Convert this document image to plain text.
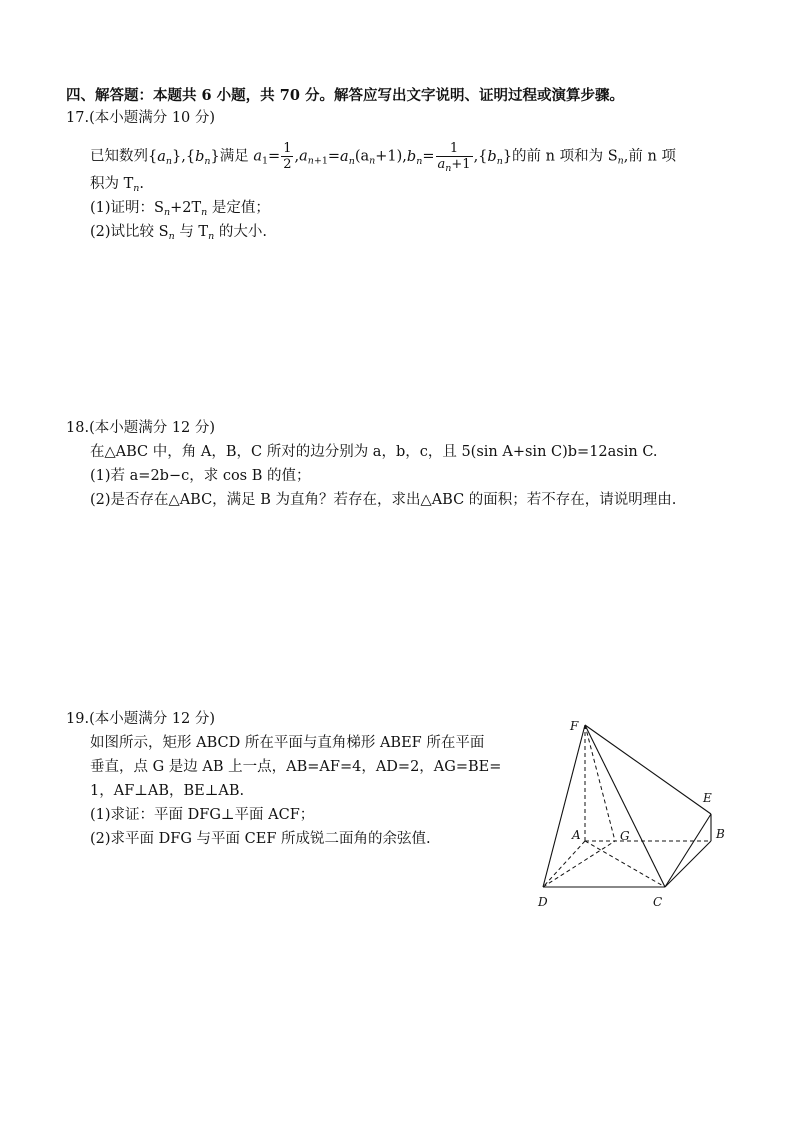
四、解答题：本题共 6 小题，共 70 分。解答应写出文字说明、证明过程或演算步骤。
17.(本小题满分 10 分)
已知数列$\{a_n\},\{b_n\}$满足 $a_1= \frac{1}{2} ,a_{n+1}=a_n(a_n+1),b_n= \frac{1}{a_n+1} ,\{b_n\}$的前 n 项和为 $S_n$,前 n 项
积为 $T_n$.
(1)证明：$S_n+2T_n$ 是定值；
(2)试比较 $S_n$ 与 $T_n$ 的大小.
18.(本小题满分 12 分)
在△ABC 中，角 A，B，C 所对的边分别为 a，b，c，且 5(sin A+sin C)b=12asin C.
(1)若 a=2b−c，求 cos B 的值；
(2)是否存在△ABC，满足 B 为直角？若存在，求出△ABC 的面积；若不存在，请说明理由.
19.(本小题满分 12 分)
如图所示，矩形 ABCD 所在平面与直角梯形 ABEF 所在平面
垂直，点 G 是边 AB 上一点，AB=AF=4，AD=2，AG=BE=
1，AF⊥AB，BE⊥AB.
(1)求证：平面 DFG⊥平面 ACF；
(2)求平面 DFG 与平面 CEF 所成锐二面角的余弦值.
F
E
A	G	B
D	C
